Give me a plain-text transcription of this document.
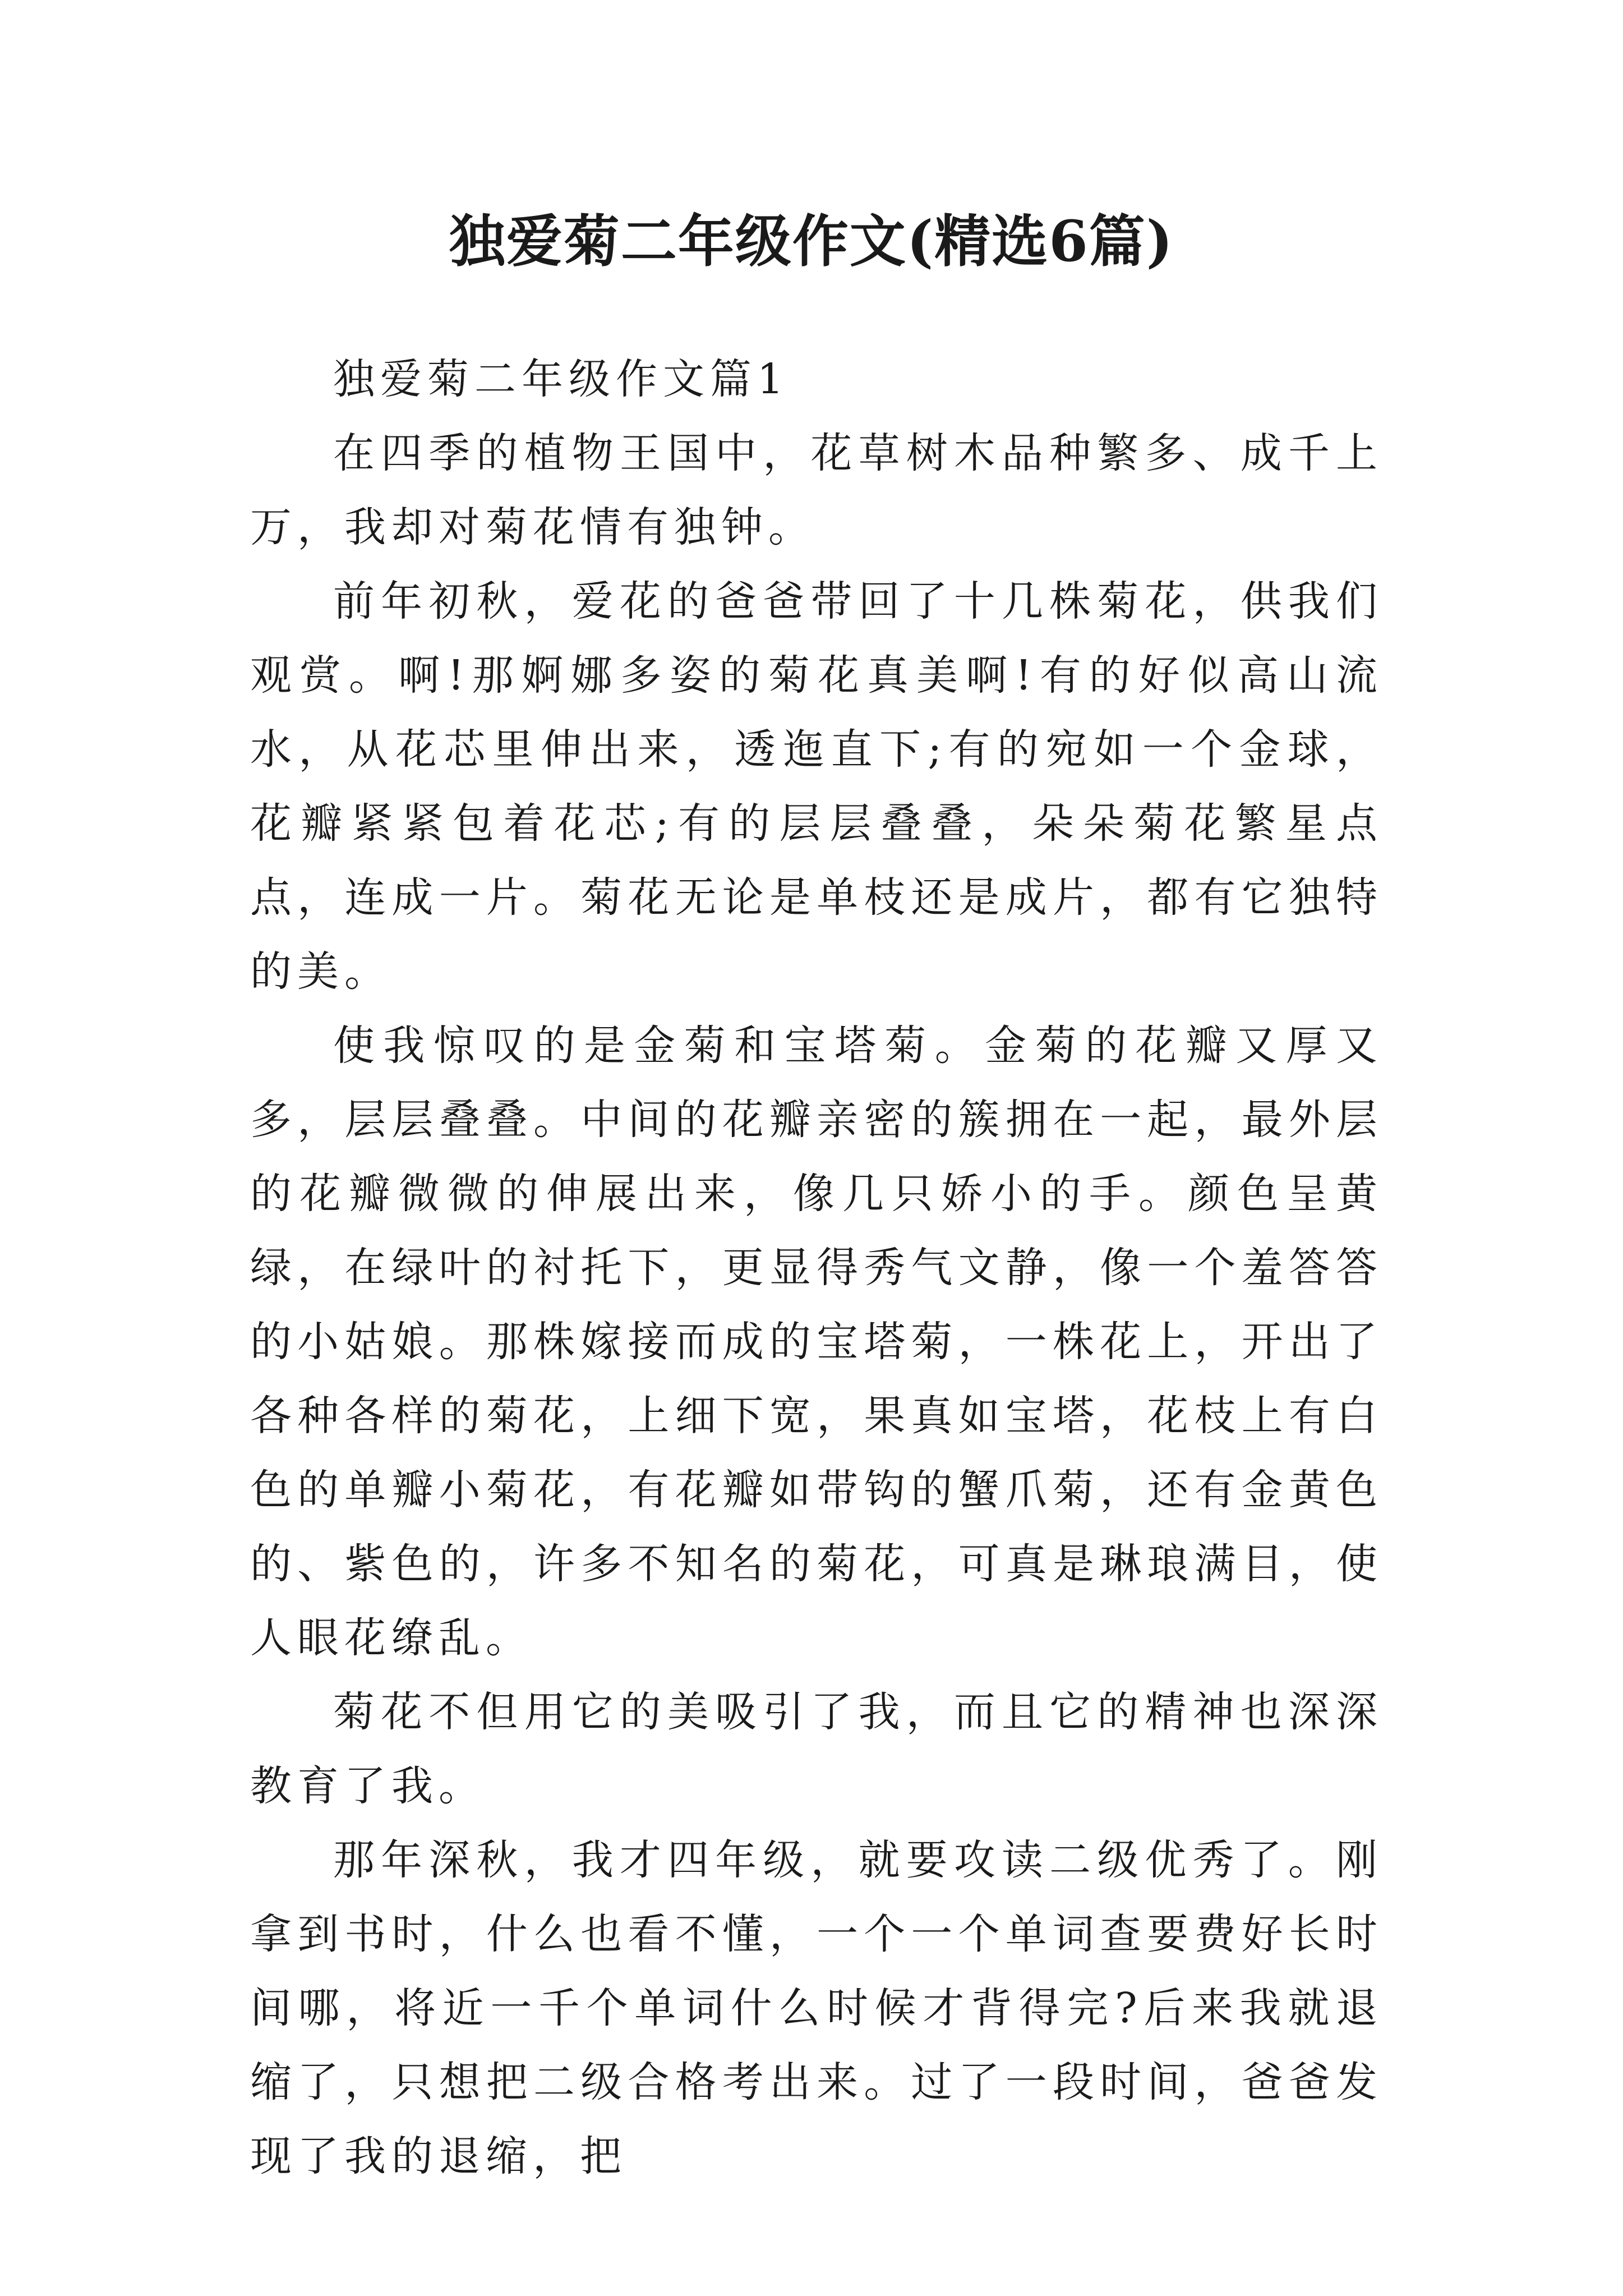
独爱菊二年级作文(精选6篇)

独爱菊二年级作文篇1

在四季的植物王国中，花草树木品种繁多、成千上万，我却对菊花情有独钟。

前年初秋，爱花的爸爸带回了十几株菊花，供我们观赏。啊!那婀娜多姿的菊花真美啊!有的好似高山流水，从花芯里伸出来，透迤直下;有的宛如一个金球，花瓣紧紧包着花芯;有的层层叠叠，朵朵菊花繁星点点，连成一片。菊花无论是单枝还是成片，都有它独特的美。

使我惊叹的是金菊和宝塔菊。金菊的花瓣又厚又多，层层叠叠。中间的花瓣亲密的簇拥在一起，最外层的花瓣微微的伸展出来，像几只娇小的手。颜色呈黄绿，在绿叶的衬托下，更显得秀气文静，像一个羞答答的小姑娘。那株嫁接而成的宝塔菊，一株花上，开出了各种各样的菊花，上细下宽，果真如宝塔，花枝上有白色的单瓣小菊花，有花瓣如带钩的蟹爪菊，还有金黄色的、紫色的，许多不知名的菊花，可真是琳琅满目，使人眼花缭乱。

菊花不但用它的美吸引了我，而且它的精神也深深教育了我。

那年深秋，我才四年级，就要攻读二级优秀了。刚拿到书时，什么也看不懂，一个一个单词查要费好长时间哪，将近一千个单词什么时候才背得完?后来我就退缩了，只想把二级合格考出来。过了一段时间，爸爸发现了我的退缩，把
